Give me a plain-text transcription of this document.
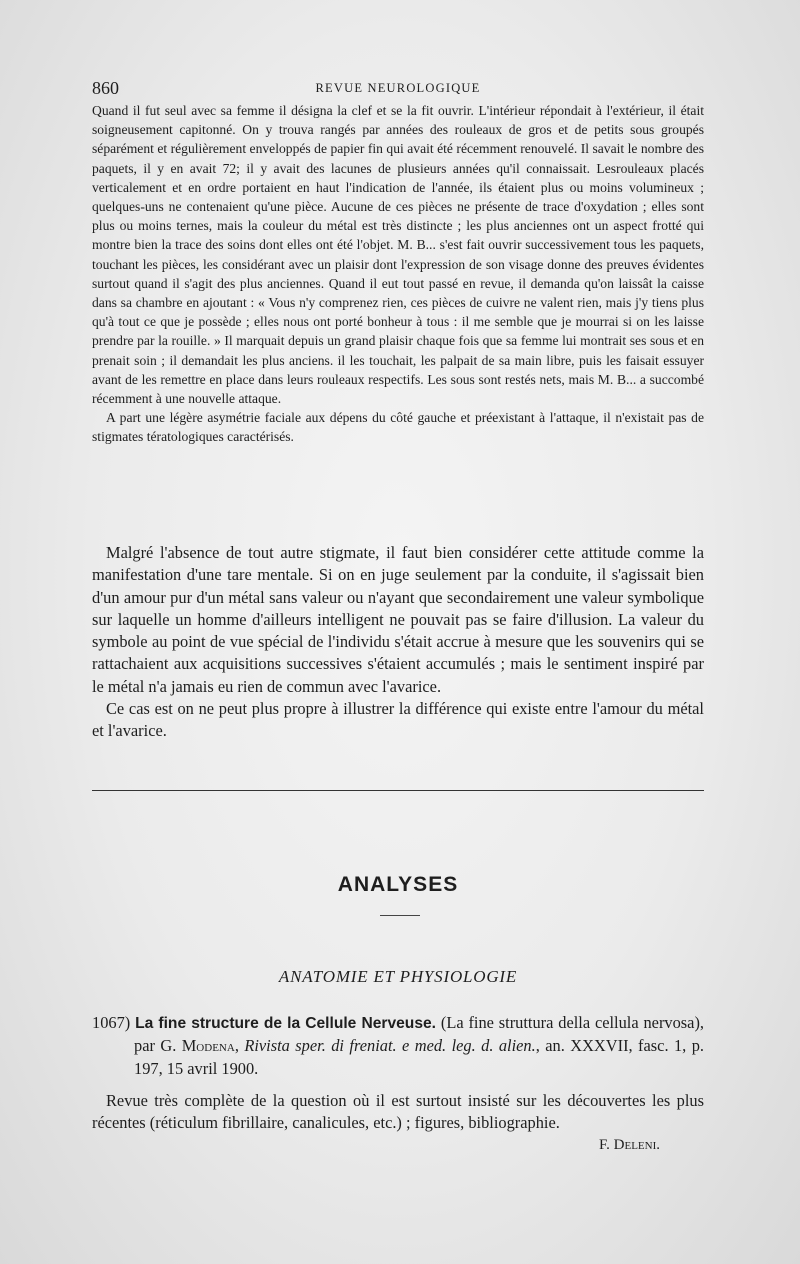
860	REVUE NEUROLOGIQUE

Quand il fut seul avec sa femme il désigna la clef et se la fit ouvrir. L'intérieur répondait à l'extérieur, il était soigneusement capitonné. On y trouva rangés par années des rouleaux de gros et de petits sous groupés séparément et régulièrement enveloppés de papier fin qui avait été récemment renouvelé. Il savait le nombre des paquets, il y en avait 72; il y avait des lacunes de plusieurs années qu'il connaissait. Lesrouleaux placés verticalement et en ordre portaient en haut l'indication de l'année, ils étaient plus ou moins volumineux ; quelques-uns ne contenaient qu'une pièce. Aucune de ces pièces ne présente de trace d'oxydation ; elles sont plus ou moins ternes, mais la couleur du métal est très distincte ; les plus anciennes ont un aspect frotté qui montre bien la trace des soins dont elles ont été l'objet. M. B... s'est fait ouvrir successivement tous les paquets, touchant les pièces, les considérant avec un plaisir dont l'expression de son visage donne des preuves évidentes surtout quand il s'agit des plus anciennes. Quand il eut tout passé en revue, il demanda qu'on laissât la caisse dans sa chambre en ajoutant : « Vous n'y comprenez rien, ces pièces de cuivre ne valent rien, mais j'y tiens plus qu'à tout ce que je possède ; elles nous ont porté bonheur à tous : il me semble que je mourrai si on les laisse prendre par la rouille. » Il marquait depuis un grand plaisir chaque fois que sa femme lui montrait ses sous et en prenait soin ; il demandait les plus anciens. il les touchait, les palpait de sa main libre, puis les faisait essuyer avant de les remettre en place dans leurs rouleaux respectifs. Les sous sont restés nets, mais M. B... a succombé récemment à une nouvelle attaque.

A part une légère asymétrie faciale aux dépens du côté gauche et préexistant à l'attaque, il n'existait pas de stigmates tératologiques caractérisés.

Malgré l'absence de tout autre stigmate, il faut bien considérer cette attitude comme la manifestation d'une tare mentale. Si on en juge seulement par la conduite, il s'agissait bien d'un amour pur d'un métal sans valeur ou n'ayant que secondairement une valeur symbolique sur laquelle un homme d'ailleurs intelligent ne pouvait pas se faire d'illusion. La valeur du symbole au point de vue spécial de l'individu s'était accrue à mesure que les souvenirs qui se rattachaient aux acquisitions successives s'étaient accumulés ; mais le sentiment inspiré par le métal n'a jamais eu rien de commun avec l'avarice.

Ce cas est on ne peut plus propre à illustrer la différence qui existe entre l'amour du métal et l'avarice.

ANALYSES
ANATOMIE ET PHYSIOLOGIE

1067) La fine structure de la Cellule Nerveuse. (La fine struttura della cellula nervosa), par G. Modena, Rivista sper. di freniat. e med. leg. d. alien., an. XXXVII, fasc. 1, p. 197, 15 avril 1900.

Revue très complète de la question où il est surtout insisté sur les découvertes les plus récentes (réticulum fibrillaire, canalicules, etc.) ; figures, bibliographie.

F. Deleni.
